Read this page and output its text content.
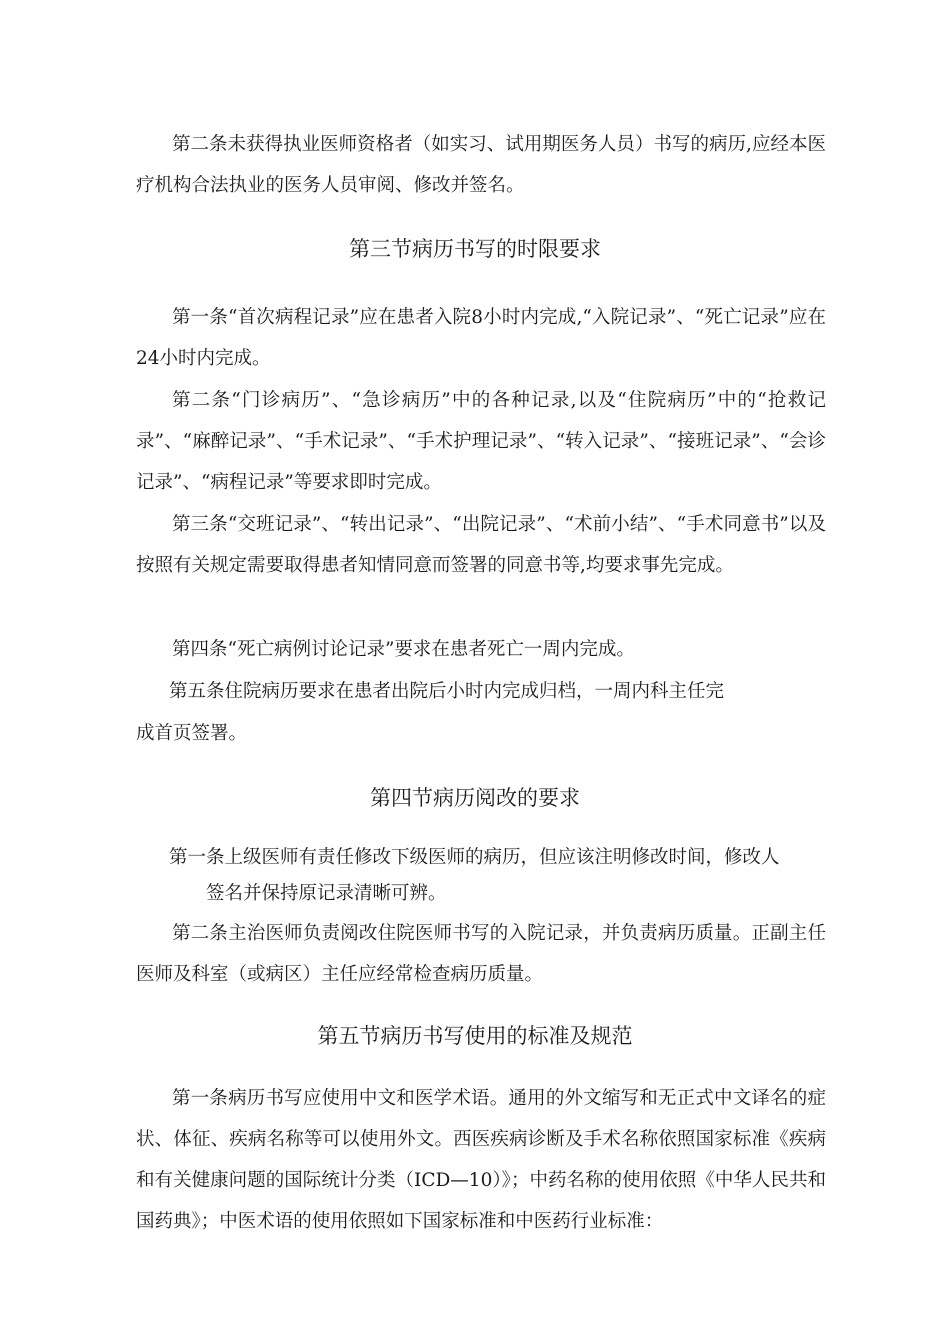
第二条未获得执业医师资格者（如实习、试用期医务人员）书写的病历,应经本医疗机构合法执业的医务人员审阅、修改并签名。

第三节病历书写的时限要求

第一条“首次病程记录”应在患者入院8小时内完成,“入院记录”、“死亡记录”应在24小时内完成。

第二条“门诊病历”、“急诊病历”中的各种记录,以及“住院病历”中的“抢救记录”、“麻醉记录”、“手术记录”、“手术护理记录”、“转入记录”、“接班记录”、“会诊记录”、“病程记录”等要求即时完成。

第三条“交班记录”、“转出记录”、“出院记录”、“术前小结”、“手术同意书”以及按照有关规定需要取得患者知情同意而签署的同意书等,均要求事先完成。

第四条“死亡病例讨论记录”要求在患者死亡一周内完成。

第五条住院病历要求在患者出院后小时内完成归档，一周内科主任完

成首页签署。

第四节病历阅改的要求

第一条上级医师有责任修改下级医师的病历，但应该注明修改时间，修改人

签名并保持原记录清晰可辨。

第二条主治医师负责阅改住院医师书写的入院记录，并负责病历质量。正副主任医师及科室（或病区）主任应经常检查病历质量。

第五节病历书写使用的标准及规范

第一条病历书写应使用中文和医学术语。通用的外文缩写和无正式中文译名的症状、体征、疾病名称等可以使用外文。西医疾病诊断及手术名称依照国家标准《疾病和有关健康问题的国际统计分类（ICD—10）》；中药名称的使用依照《中华人民共和国药典》；中医术语的使用依照如下国家标准和中医药行业标准：
